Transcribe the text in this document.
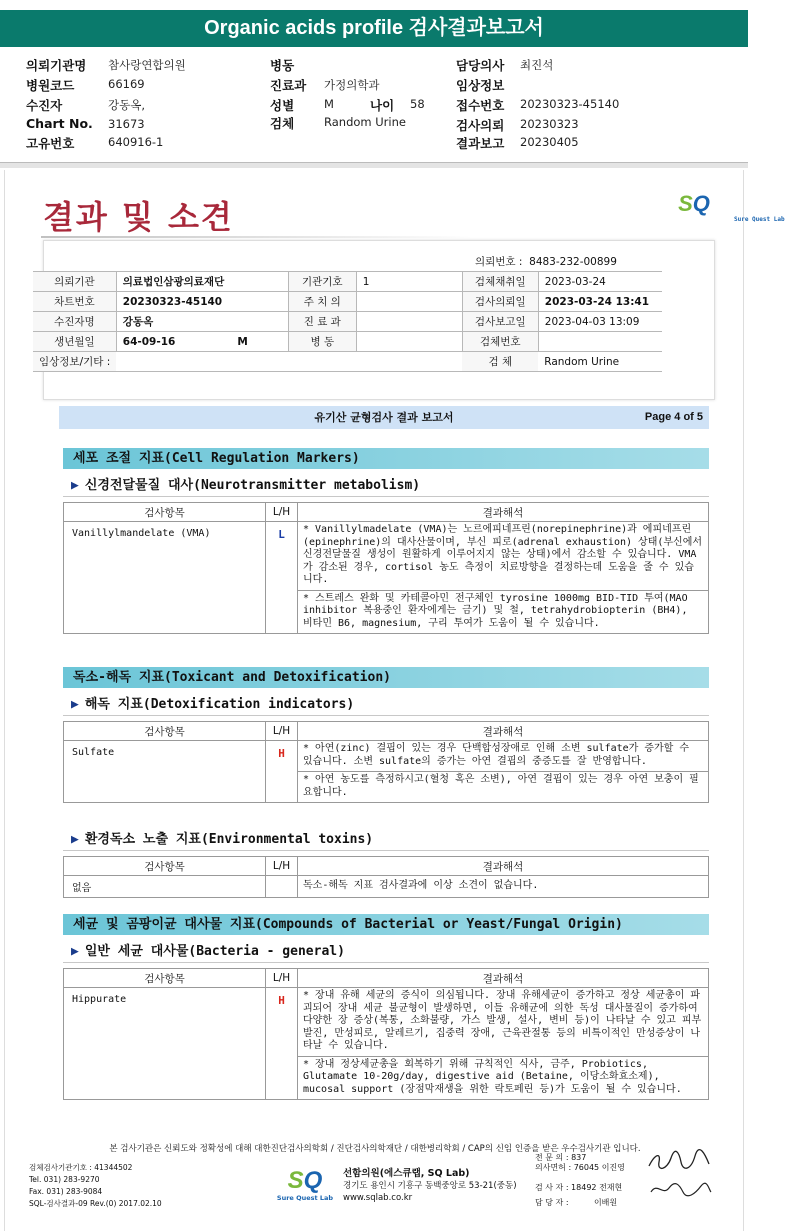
Organic acids profile 검사결과보고서
의뢰기관명 참사랑연합의원
병원코드	66169
수진자	강동옥,
Chart No. 31673
고유번호	640916-1
병동
진료과 가정의학과
성별	M	나이 58
검체	Random Urine
담당의사 최진석
임상정보
접수번호 20230323-45140
검사의뢰 20230323
결과보고 20230405
결과 및 소견	SQ
Sure Quest Lab
의뢰번호 : 8483-232-00899
의뢰기관	의료법인삼광의료재단	기관기호	1	검체채취일	2023-03-24
차트번호	20230323-45140	주 치 의		검사의뢰일	2023-03-24 13:41
수진자명	강동옥	진 료 과		검사보고일	2023-04-03 13:09
생년월일	64-09-16 M	병 동		검체번호	
임상정보/기타 :				검 체	Random Urine
유기산 균형검사 결과 보고서	Page 4 of 5
세포 조절 지표(Cell Regulation Markers)
▶ 신경전달물질 대사(Neurotransmitter metabolism)
검사항목	L/H	결과해석
Vanillylmandelate (VMA)	L	* Vanillylmadelate (VMA)는 노르에피네프린(norepinephrine)과 에피네프린(epinephrine)의 대사산물이며, 부신 피로(adrenal exhaustion) 상태(부신에서 신경전달물질 생성이 원활하게 이루어지지 않는 상태)에서 감소할 수 있습니다. VMA가 감소된 경우, cortisol 농도 측정이 치료방향을 결정하는데 도움을 줄 수 있습니다.
* 스트레스 완화 및 카테콜아민 전구체인 tyrosine 1000mg BID-TID 투여(MAO inhibitor 복용중인 환자에게는 금기) 및 철, tetrahydrobiopterin (BH4), 비타민 B6, magnesium, 구리 투여가 도움이 될 수 있습니다.
독소-해독 지표(Toxicant and Detoxification)
▶ 해독 지표(Detoxification indicators)
검사항목	L/H	결과해석
Sulfate	H	* 아연(zinc) 결핍이 있는 경우 단백합성장애로 인해 소변 sulfate가 증가할 수 있습니다. 소변 sulfate의 증가는 아연 결핍의 중증도를 잘 반영합니다.
* 아연 농도를 측정하시고(혈청 혹은 소변), 아연 결핍이 있는 경우 아연 보충이 필요합니다.
▶ 환경독소 노출 지표(Environmental toxins)
검사항목	L/H	결과해석
없음		독소-해독 지표 검사결과에 이상 소견이 없습니다.
세균 및 곰팡이균 대사물 지표(Compounds of Bacterial or Yeast/Fungal Origin)
▶ 일반 세균 대사물(Bacteria - general)
검사항목	L/H	결과해석
Hippurate	H	* 장내 유해 세균의 증식이 의심됩니다. 장내 유해세균이 증가하고 정상 세균총이 파괴되어 장내 세균 불균형이 발생하면, 이들 유해균에 의한 독성 대사물질이 증가하여 다양한 장 증상(복통, 소화불량, 가스 발생, 설사, 변비 등)이 나타날 수 있고 피부발진, 만성피로, 알레르기, 집중력 장애, 근육관절통 등의 비특이적인 만성증상이 나타날 수 있습니다.
* 장내 정상세균총을 회복하기 위해 규칙적인 식사, 금주, Probiotics, Glutamate 10-20g/day, digestive aid (Betaine, 이당소화효소제), mucosal support (장점막재생을 위한 락토페린 등)가 도움이 될 수 있습니다.
본 검사기관은 신뢰도와 정확성에 대해 대한진단검사의학회 / 진단검사의학재단 / 대한병리학회 / CAP의 신임 인증을 받은 우수검사기관 입니다.
검체검사기관기호 : 41344502
Tel. 031) 283-9270
Fax. 031) 283-9084
SQL-검사결과-09 Rev.(0) 2017.02.10
SQ
Sure Quest Lab
선함의원(에스큐랩, SQ Lab)
경기도 용인시 기흥구 동백중앙로 53-21(중동)
www.sqlab.co.kr
전 문 의 : 837
의사면허 : 76045 이진영
검 사 자 : 18492 전재현
담 당 자 :	이배원
